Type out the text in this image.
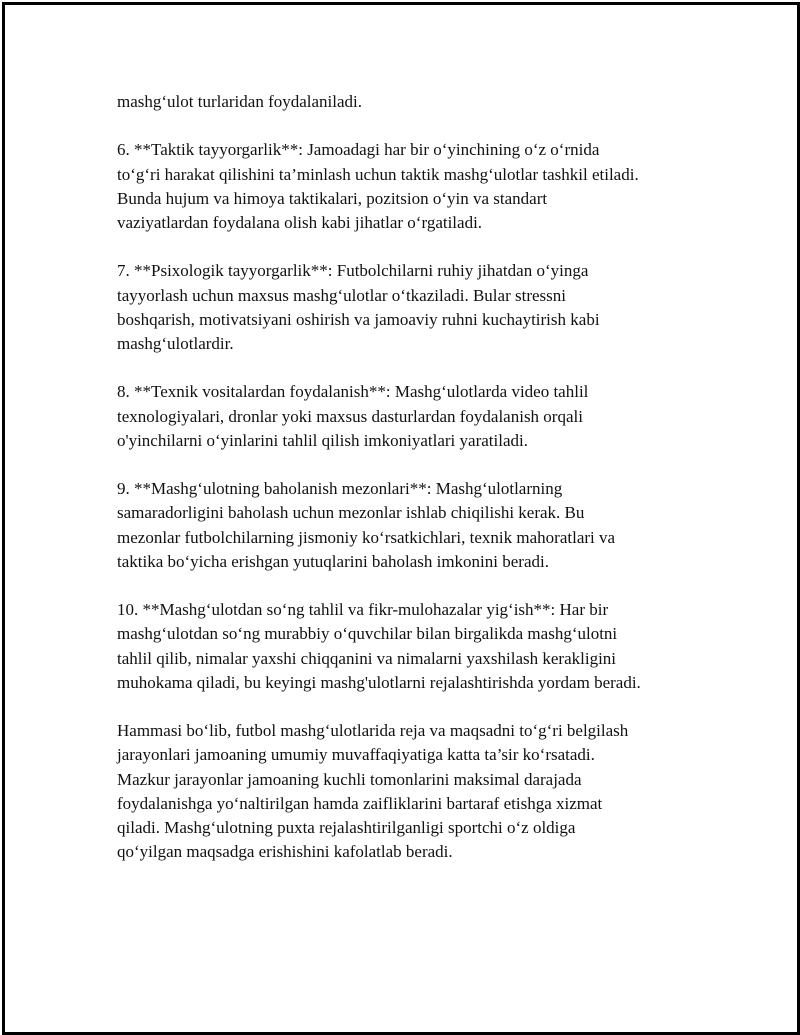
mashg‘ulot turlaridan foydalaniladi.

6. **Taktik tayyorgarlik**: Jamoadagi har bir o‘yinchining o‘z o‘rnida
to‘g‘ri harakat qilishini ta’minlash uchun taktik mashg‘ulotlar tashkil etiladi.
Bunda hujum va himoya taktikalari, pozitsion o‘yin va standart
vaziyatlardan foydalana olish kabi jihatlar o‘rgatiladi.

7. **Psixologik tayyorgarlik**: Futbolchilarni ruhiy jihatdan o‘yinga
tayyorlash uchun maxsus mashg‘ulotlar o‘tkaziladi. Bular stressni
boshqarish, motivatsiyani oshirish va jamoaviy ruhni kuchaytirish kabi
mashg‘ulotlardir.

8. **Texnik vositalardan foydalanish**: Mashg‘ulotlarda video tahlil
texnologiyalari, dronlar yoki maxsus dasturlardan foydalanish orqali
o'yinchilarni o‘yinlarini tahlil qilish imkoniyatlari yaratiladi.

9. **Mashg‘ulotning baholanish mezonlari**: Mashg‘ulotlarning
samaradorligini baholash uchun mezonlar ishlab chiqilishi kerak. Bu
mezonlar futbolchilarning jismoniy ko‘rsatkichlari, texnik mahoratlari va
taktika bo‘yicha erishgan yutuqlarini baholash imkonini beradi.

10. **Mashg‘ulotdan so‘ng tahlil va fikr-mulohazalar yig‘ish**: Har bir
mashg‘ulotdan so‘ng murabbiy o‘quvchilar bilan birgalikda mashg‘ulotni
tahlil qilib, nimalar yaxshi chiqqanini va nimalarni yaxshilash kerakligini
muhokama qiladi, bu keyingi mashg'ulotlarni rejalashtirishda yordam beradi.

Hammasi bo‘lib, futbol mashg‘ulotlarida reja va maqsadni to‘g‘ri belgilash
jarayonlari jamoaning umumiy muvaffaqiyatiga katta ta’sir ko‘rsatadi.
Mazkur jarayonlar jamoaning kuchli tomonlarini maksimal darajada
foydalanishga yo‘naltirilgan hamda zaifliklarini bartaraf etishga xizmat
qiladi. Mashg‘ulotning puxta rejalashtirilganligi sportchi o‘z oldiga
qo‘yilgan maqsadga erishishini kafolatlab beradi.
